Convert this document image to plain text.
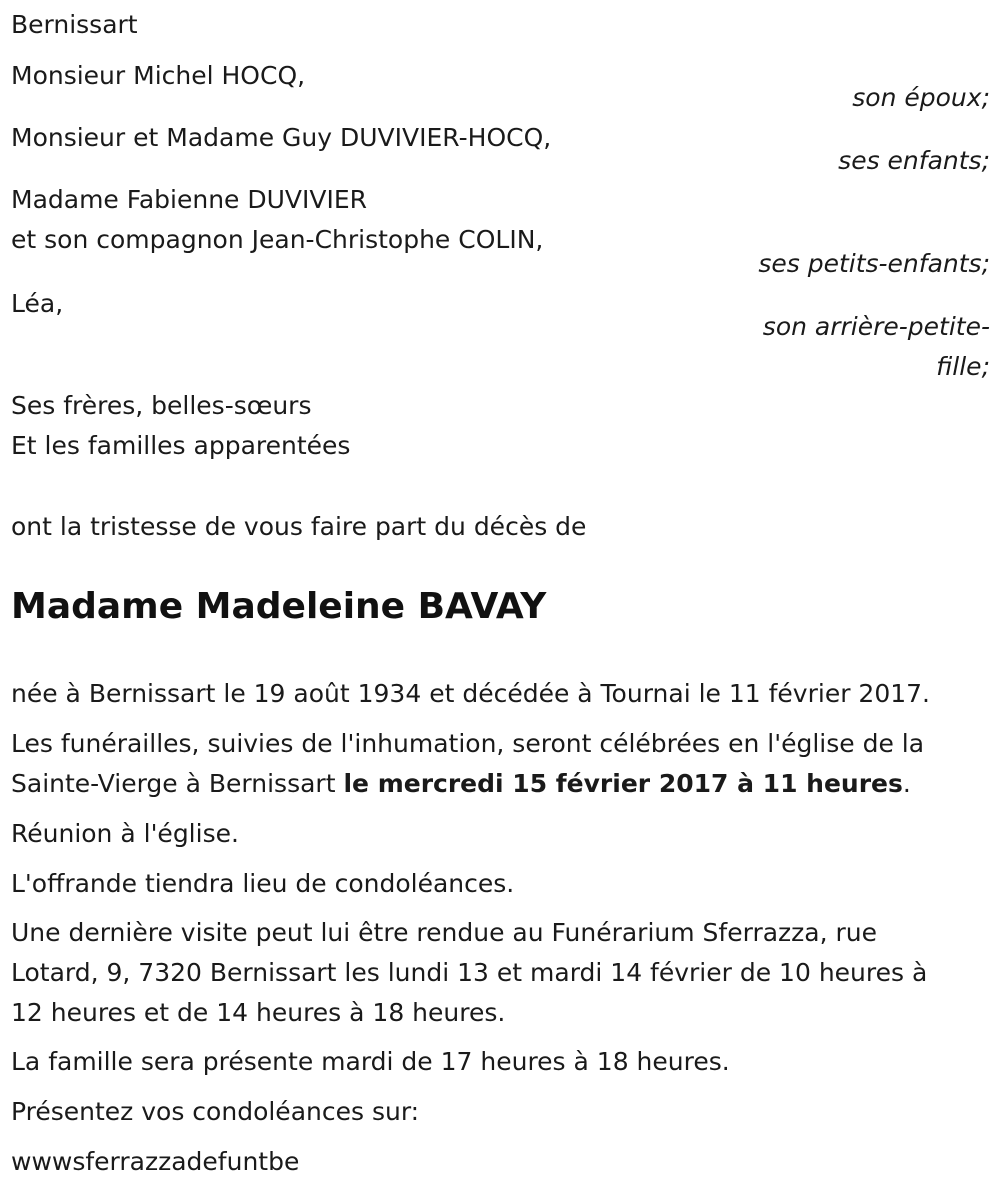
Bernissart
Monsieur Michel HOCQ,
son époux;
Monsieur et Madame Guy DUVIVIER-HOCQ,
ses enfants;
Madame Fabienne DUVIVIER
et son compagnon Jean-Christophe COLIN,
ses petits-enfants;
Léa,
son arrière-petite-
fille;
Ses frères, belles-sœurs
Et les familles apparentées
ont la tristesse de vous faire part du décès de
Madame Madeleine BAVAY
née à Bernissart le 19 août 1934 et décédée à Tournai le 11 février 2017.
Les funérailles, suivies de l'inhumation, seront célébrées en l'église de la
Sainte-Vierge à Bernissart le mercredi 15 février 2017 à 11 heures.
Réunion à l'église.
L'offrande tiendra lieu de condoléances.
Une dernière visite peut lui être rendue au Funérarium Sferrazza, rue
Lotard, 9, 7320 Bernissart les lundi 13 et mardi 14 février de 10 heures à
12 heures et de 14 heures à 18 heures.
La famille sera présente mardi de 17 heures à 18 heures.
Présentez vos condoléances sur:
wwwsferrazzadefuntbe
